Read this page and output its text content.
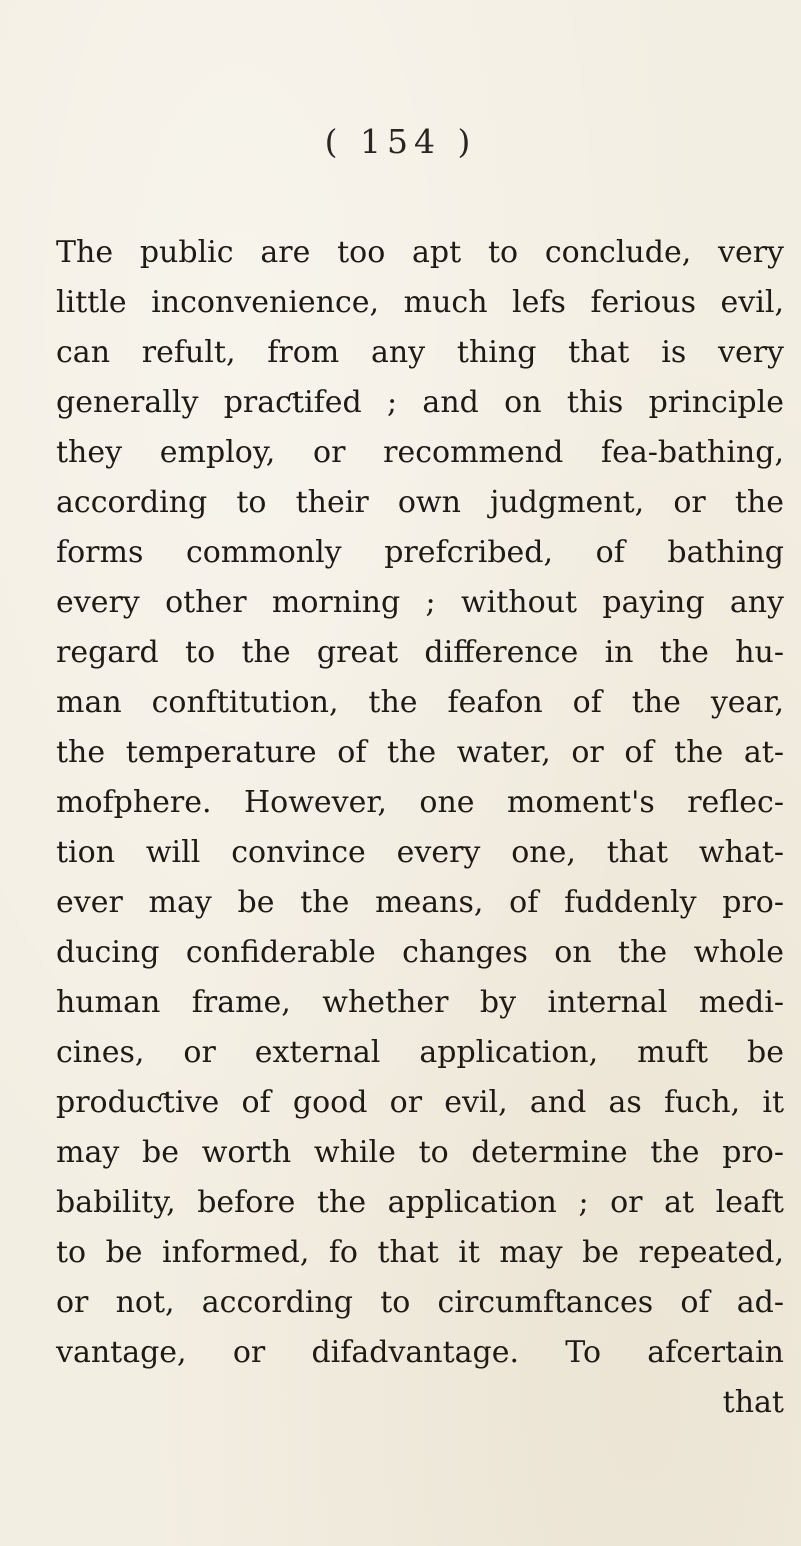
( 154 )
The public are too apt to conclude, very
little inconvenience, much lefs ferious evil,
can refult, from any thing that is very
generally praƈtifed ; and on this principle
they employ, or recommend fea-bathing,
according to their own judgment, or the
forms commonly prefcribed, of bathing
every other morning ; without paying any
regard to the great difference in the hu-
man conftitution, the feafon of the year,
the temperature of the water, or of the at-
mofphere. However, one moment's reflec-
tion will convince every one, that what-
ever may be the means, of fuddenly pro-
ducing confiderable changes on the whole
human frame, whether by internal medi-
cines, or external application, muft be
produƈtive of good or evil, and as fuch, it
may be worth while to determine the pro-
bability, before the application ; or at leaft
to be informed, fo that it may be repeated,
or not, according to circumftances of ad-
vantage, or difadvantage. To afcertain
that
